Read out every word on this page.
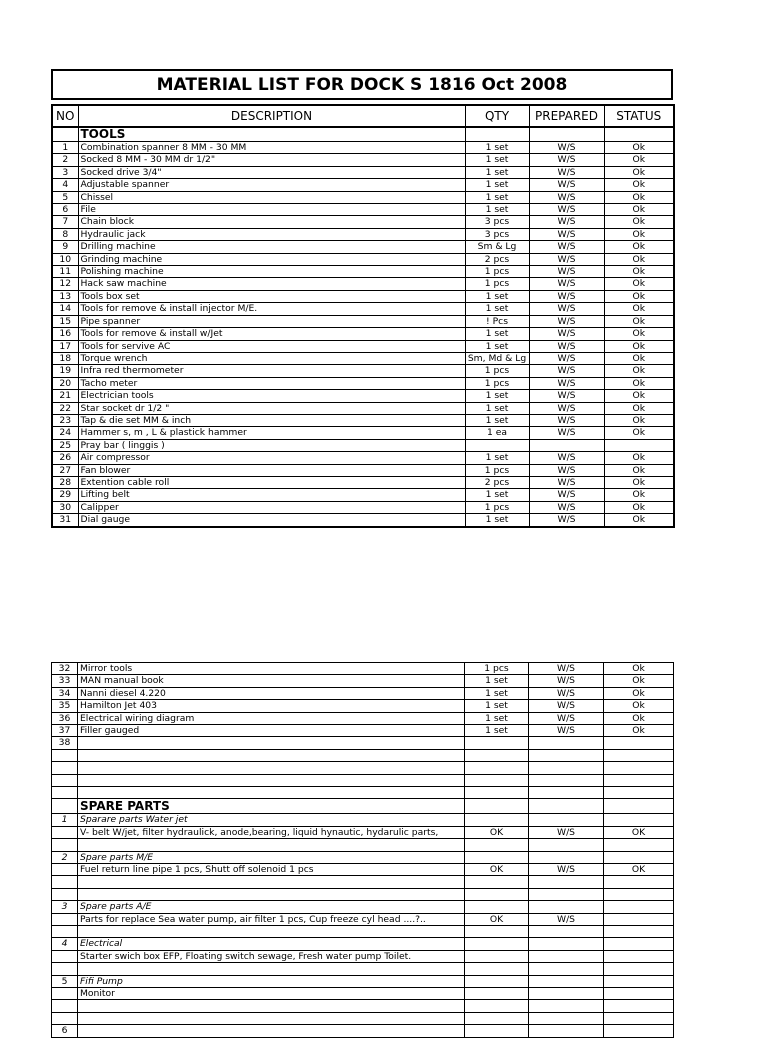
MATERIAL LIST FOR DOCK S 1816 Oct 2008
NO	DESCRIPTION	QTY	PREPARED	STATUS
	TOOLS			
1	Combination spanner 8 MM - 30 MM	1 set	W/S	Ok
2	Socked 8 MM - 30 MM dr 1/2"	1 set	W/S	Ok
3	Socked drive 3/4"	1 set	W/S	Ok
4	Adjustable spanner	1 set	W/S	Ok
5	Chissel	1 set	W/S	Ok
6	File	1 set	W/S	Ok
7	Chain block	3 pcs	W/S	Ok
8	Hydraulic jack	3 pcs	W/S	Ok
9	Drilling machine	Sm & Lg	W/S	Ok
10	Grinding machine	2 pcs	W/S	Ok
11	Polishing machine	1 pcs	W/S	Ok
12	Hack saw machine	1 pcs	W/S	Ok
13	Tools box set	1 set	W/S	Ok
14	Tools for remove & install injector M/E.	1 set	W/S	Ok
15	Pipe spanner	! Pcs	W/S	Ok
16	Tools for remove & install w/Jet	1 set	W/S	Ok
17	Tools for servive AC	1 set	W/S	Ok
18	Torque wrench	Sm, Md & Lg	W/S	Ok
19	Infra red thermometer	1 pcs	W/S	Ok
20	Tacho meter	1 pcs	W/S	Ok
21	Electrician tools	1 set	W/S	Ok
22	Star socket dr 1/2 "	1 set	W/S	Ok
23	Tap & die set MM & inch	1 set	W/S	Ok
24	Hammer s, m , L & plastick hammer	1 ea	W/S	Ok
25	Pray bar ( linggis )			
26	Air compressor	1 set	W/S	Ok
27	Fan blower	1 pcs	W/S	Ok
28	Extention cable roll	2 pcs	W/S	Ok
29	Lifting belt	1 set	W/S	Ok
30	Calipper	1 pcs	W/S	Ok
31	Dial gauge	1 set	W/S	Ok
32	Mirror tools	1 pcs	W/S	Ok
33	MAN manual book	1 set	W/S	Ok
34	Nanni diesel 4.220	1 set	W/S	Ok
35	Hamilton Jet 403	1 set	W/S	Ok
36	Electrical wiring diagram	1 set	W/S	Ok
37	Filler gauged	1 set	W/S	Ok
38				

	SPARE PARTS			
1	Sparare parts Water jet			
	V- belt W/jet, filter hydraulick, anode,bearing, liquid hynautic, hydarulic parts,	OK	W/S	OK

2	Spare parts M/E			
	Fuel return line pipe 1 pcs, Shutt off solenoid 1 pcs	OK	W/S	OK

3	Spare parts A/E			
	Parts for replace Sea water pump, air filter 1 pcs, Cup freeze cyl head ....?..	OK	W/S	

4	Electrical			
	Starter swich box EFP, Floating switch sewage, Fresh water pump Toilet.			

5	Fifi Pump			
	Monitor			

6				
